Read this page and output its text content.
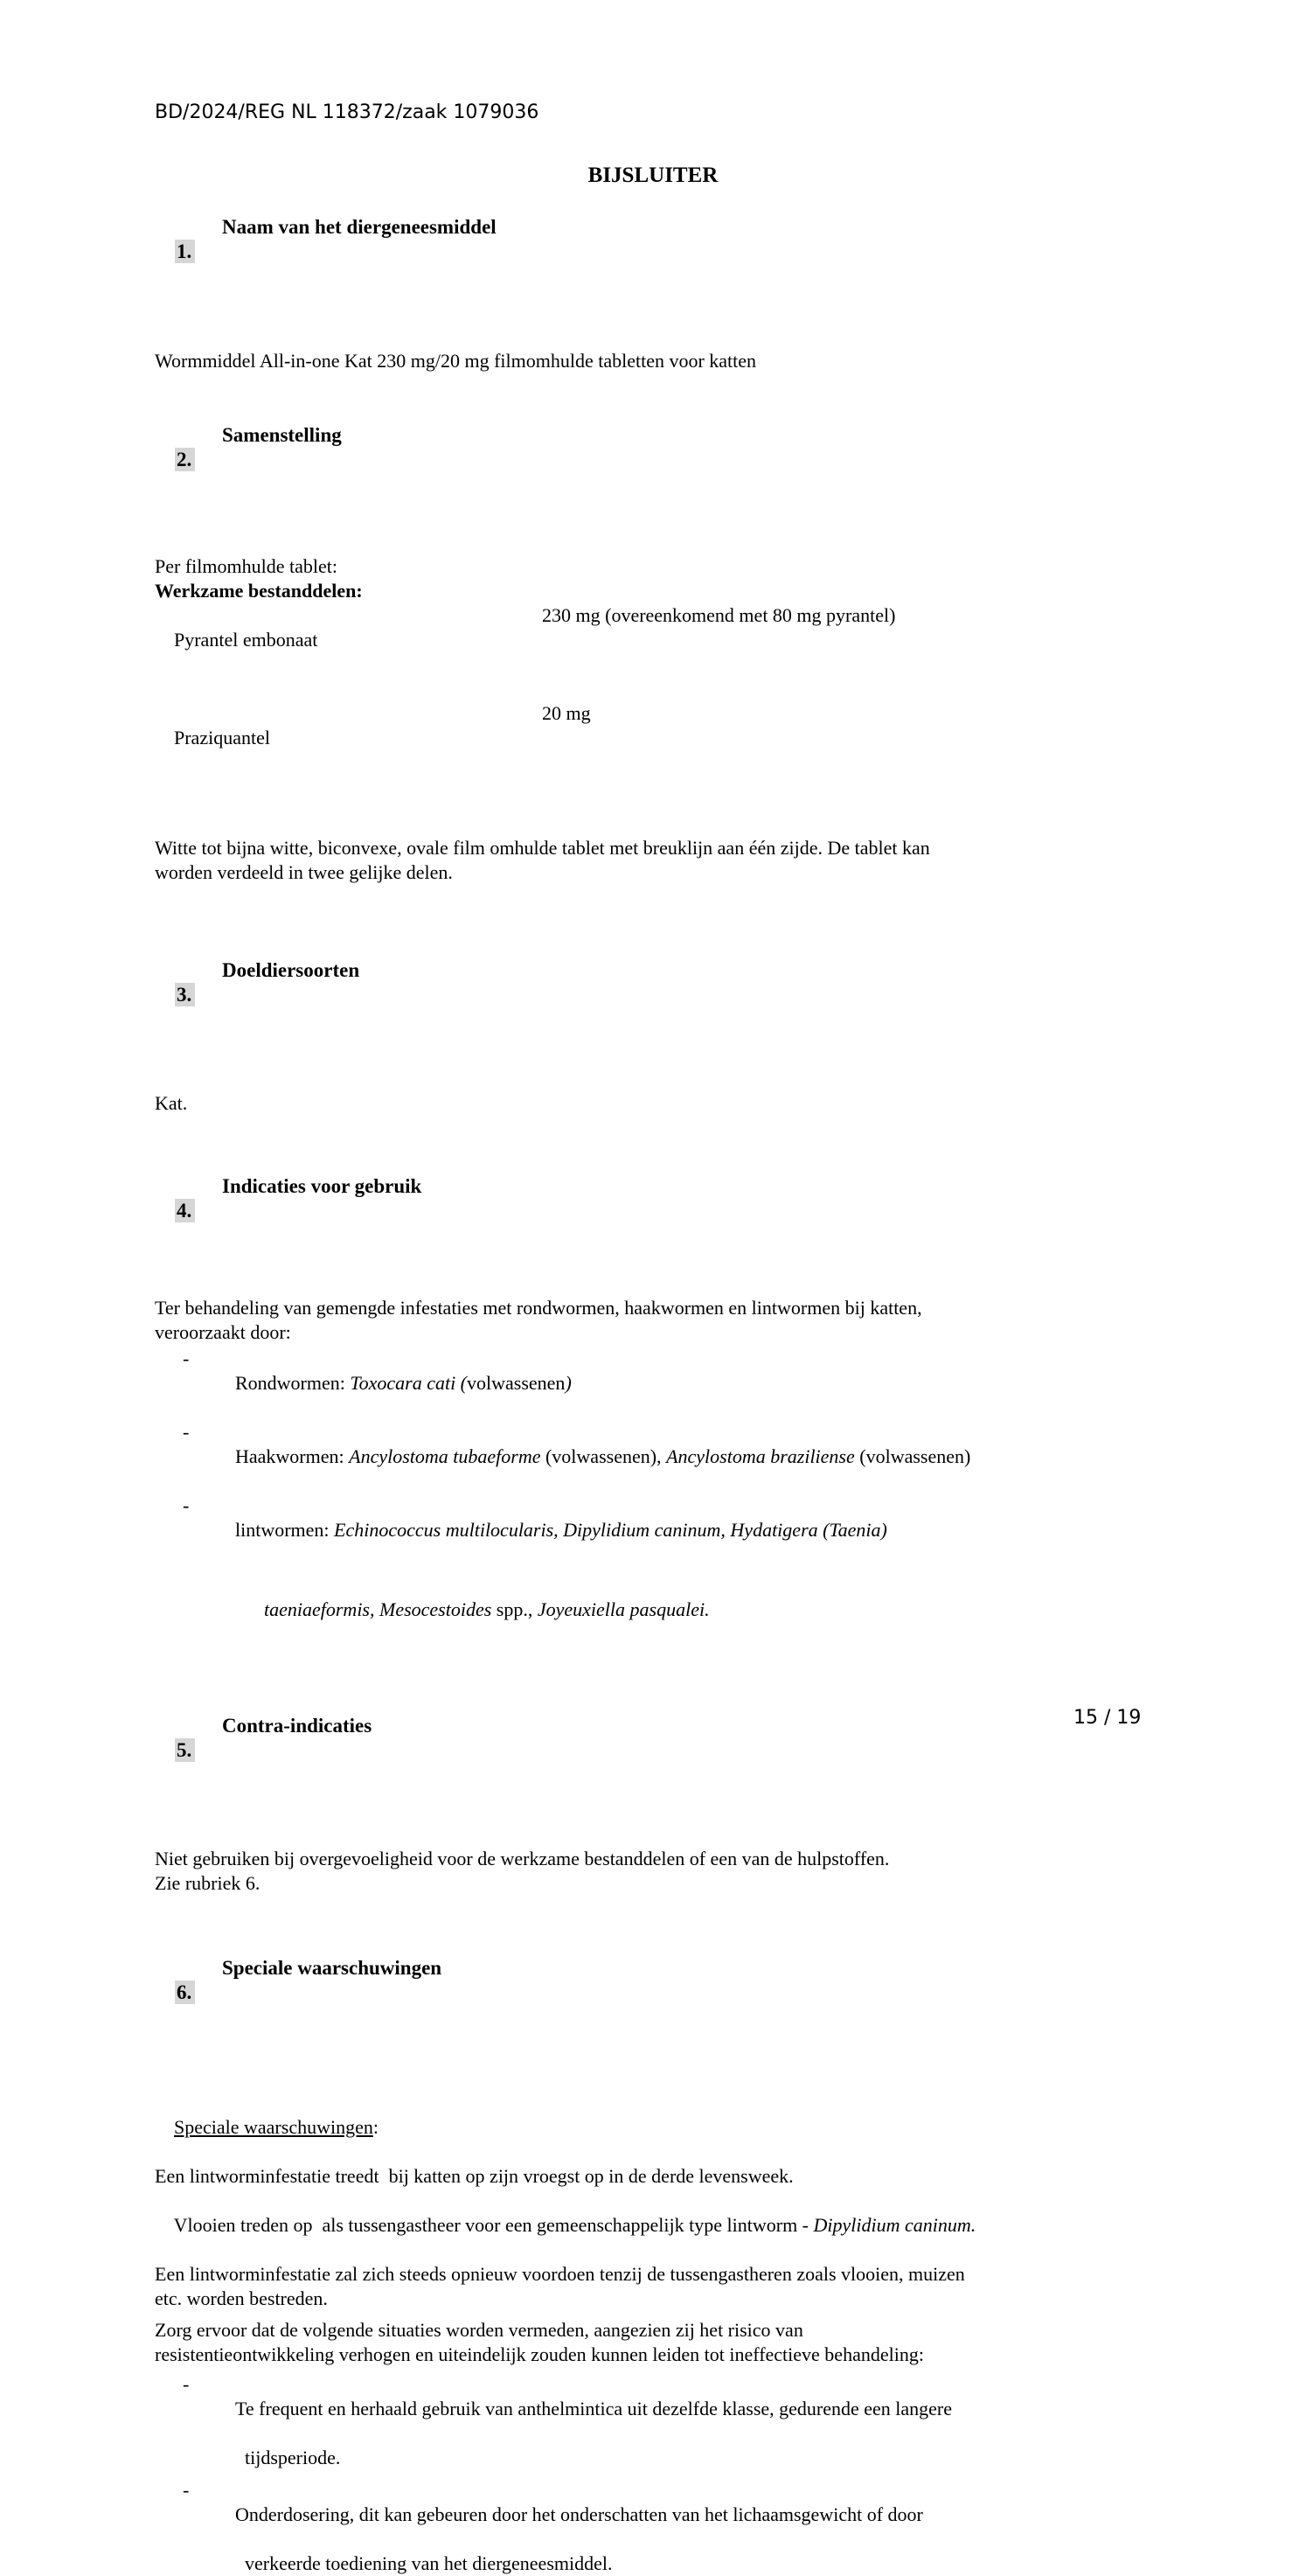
BD/2024/REG NL 118372/zaak 1079036
BIJSLUITER

1.

Naam van het diergeneesmiddel

Wormmiddel All-in-one Kat 230 mg/20 mg filmomhulde tabletten voor katten

2.

Samenstelling

Per filmomhulde tablet:
Werkzame bestanddelen:

Pyrantel embonaat

230 mg (overeenkomend met 80 mg pyrantel)

Praziquantel

20 mg

Witte tot bijna witte, biconvexe, ovale film omhulde tablet met breuklijn aan één zijde. De tablet kan
worden verdeeld in twee gelijke delen.

3.

Doeldiersoorten

Kat.

4.

Indicaties voor gebruik

Ter behandeling van gemengde infestaties met rondwormen, haakwormen en lintwormen bij katten,
veroorzaakt door:

-
Rondwormen: Toxocara cati (volwassenen)

-
Haakwormen: Ancylostoma tubaeforme (volwassenen), Ancylostoma braziliense (volwassenen)

-
lintwormen: Echinococcus multilocularis, Dipylidium caninum, Hydatigera (Taenia)

taeniaeformis, Mesocestoides spp., Joyeuxiella pasqualei.

5.

Contra-indicaties

Niet gebruiken bij overgevoeligheid voor de werkzame bestanddelen of een van de hulpstoffen.
Zie rubriek 6.

6.

Speciale waarschuwingen

Speciale waarschuwingen:

Een lintworminfestatie treedt  bij katten op zijn vroegst op in de derde levensweek.

Vlooien treden op  als tussengastheer voor een gemeenschappelijk type lintworm - Dipylidium caninum.

Een lintworminfestatie zal zich steeds opnieuw voordoen tenzij de tussengastheren zoals vlooien, muizen
etc. worden bestreden.
Zorg ervoor dat de volgende situaties worden vermeden, aangezien zij het risico van
resistentieontwikkeling verhogen en uiteindelijk zouden kunnen leiden tot ineffectieve behandeling:

-
Te frequent en herhaald gebruik van anthelmintica uit dezelfde klasse, gedurende een langere

tijdsperiode.

-
Onderdosering, dit kan gebeuren door het onderschatten van het lichaamsgewicht of door

verkeerde toediening van het diergeneesmiddel.
15 / 19
